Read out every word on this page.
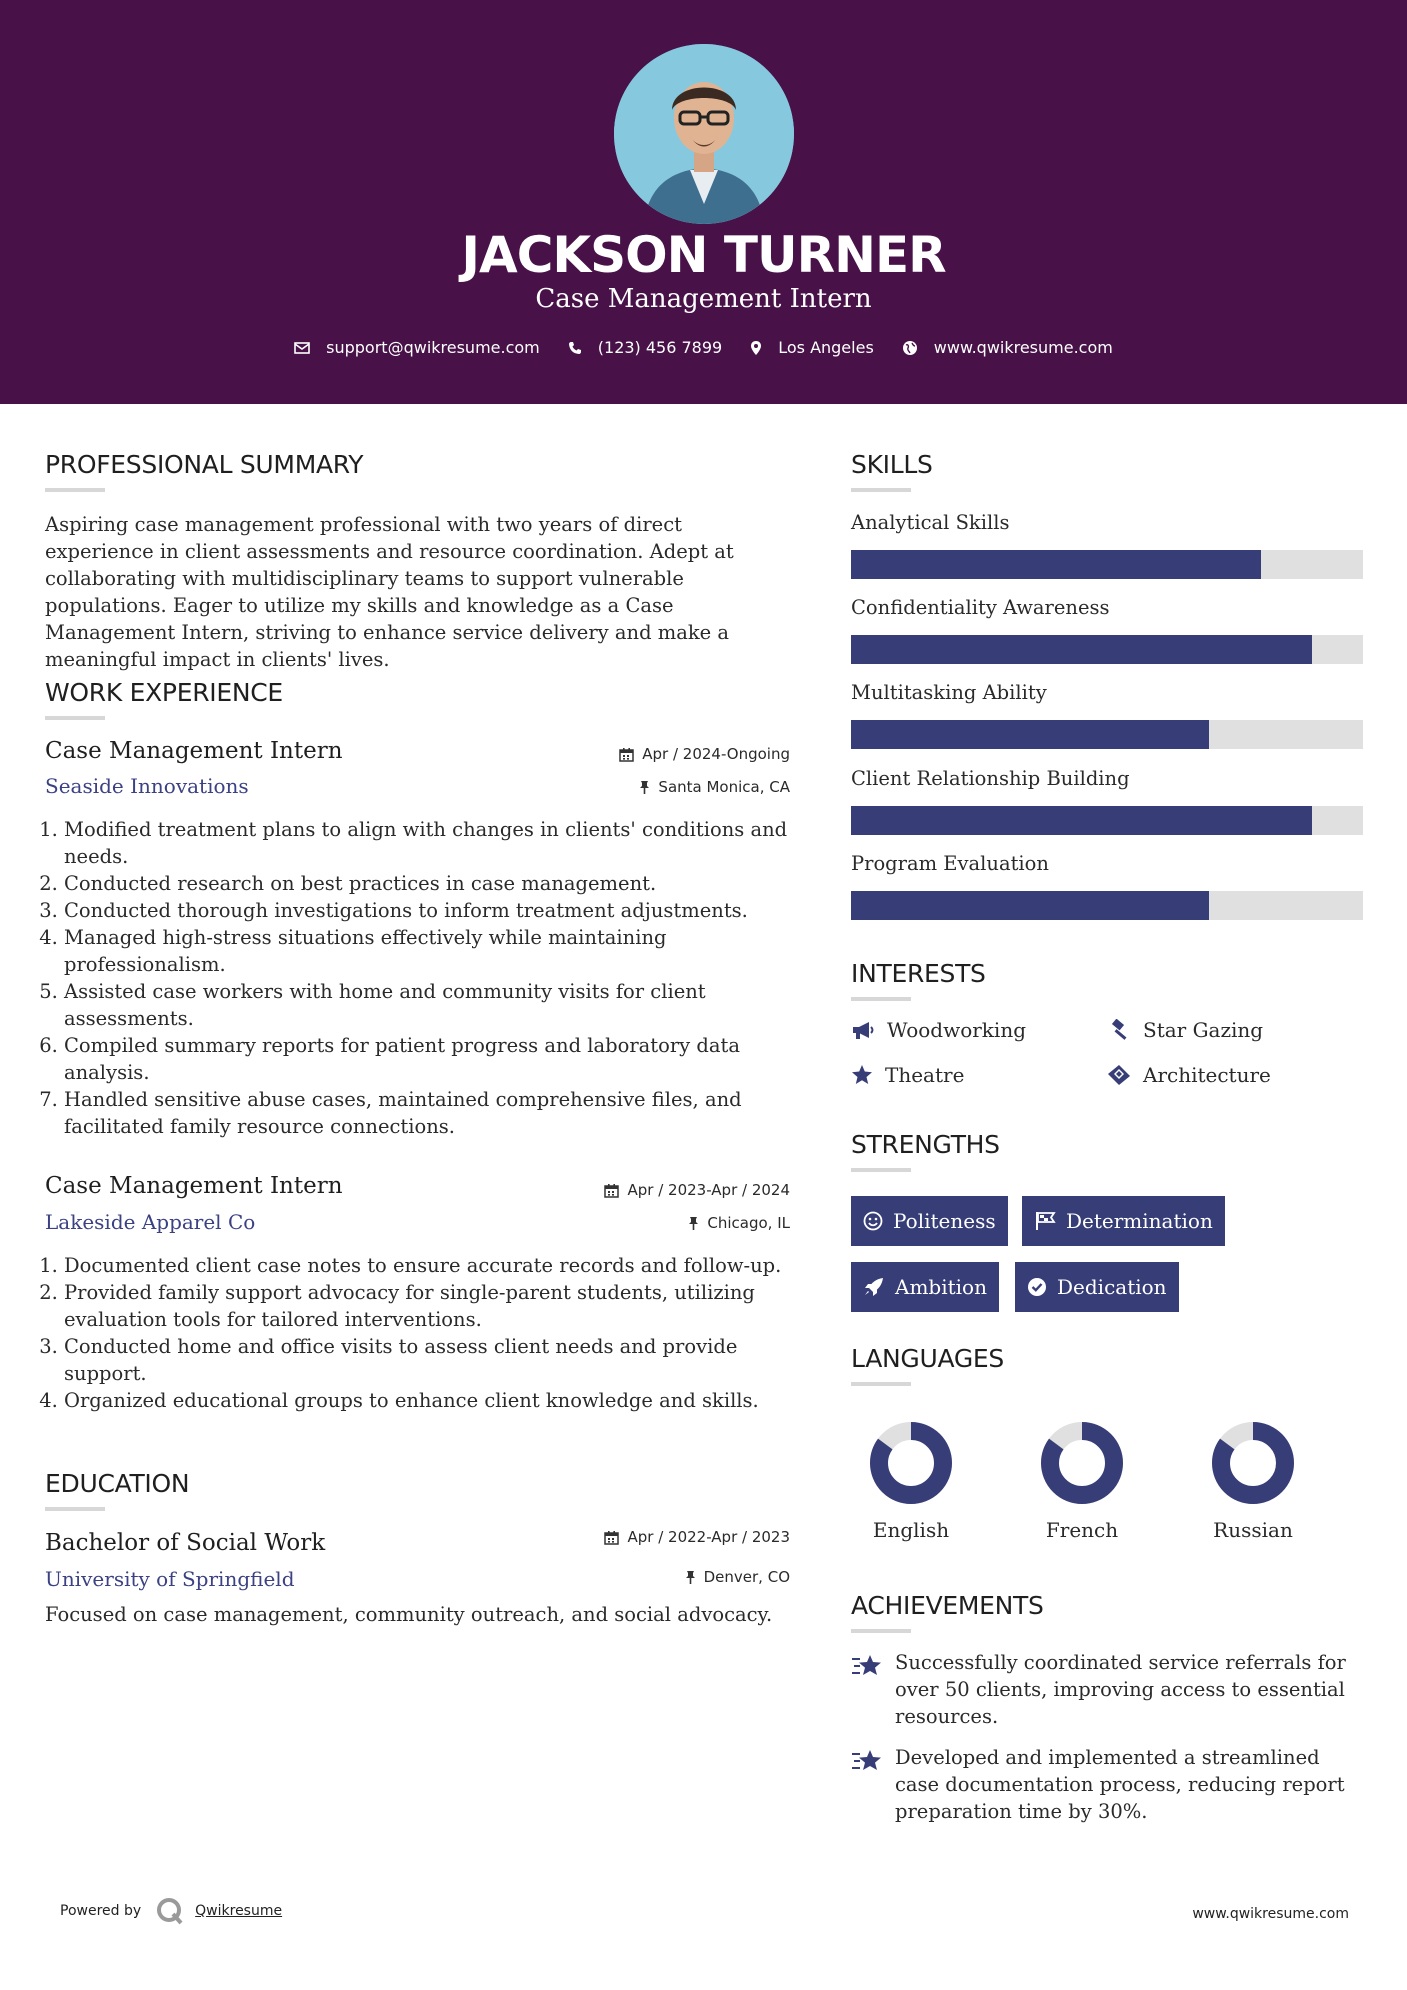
JACKSON TURNER
Case Management Intern
support@qwikresume.com	(123) 456 7899	Los Angeles	www.qwikresume.com
PROFESSIONAL SUMMARY
Aspiring case management professional with two years of direct experience in client assessments and resource coordination. Adept at collaborating with multidisciplinary teams to support vulnerable populations. Eager to utilize my skills and knowledge as a Case Management Intern, striving to enhance service delivery and make a meaningful impact in clients' lives.
WORK EXPERIENCE
Case Management Intern	Apr / 2024-Ongoing
Seaside Innovations	Santa Monica, CA
1. Modified treatment plans to align with changes in clients' conditions and needs.
2. Conducted research on best practices in case management.
3. Conducted thorough investigations to inform treatment adjustments.
4. Managed high-stress situations effectively while maintaining professionalism.
5. Assisted case workers with home and community visits for client assessments.
6. Compiled summary reports for patient progress and laboratory data analysis.
7. Handled sensitive abuse cases, maintained comprehensive files, and facilitated family resource connections.
Case Management Intern	Apr / 2023-Apr / 2024
Lakeside Apparel Co	Chicago, IL
1. Documented client case notes to ensure accurate records and follow-up.
2. Provided family support advocacy for single-parent students, utilizing evaluation tools for tailored interventions.
3. Conducted home and office visits to assess client needs and provide support.
4. Organized educational groups to enhance client knowledge and skills.
EDUCATION
Bachelor of Social Work	Apr / 2022-Apr / 2023
University of Springfield	Denver, CO
Focused on case management, community outreach, and social advocacy.
SKILLS
Analytical Skills
Confidentiality Awareness
Multitasking Ability
Client Relationship Building
Program Evaluation
INTERESTS
Woodworking	Star Gazing
Theatre	Architecture
STRENGTHS
Politeness	Determination
Ambition	Dedication
LANGUAGES
English	French	Russian
ACHIEVEMENTS
Successfully coordinated service referrals for over 50 clients, improving access to essential resources.
Developed and implemented a streamlined case documentation process, reducing report preparation time by 30%.
Powered by	Qwikresume	www.qwikresume.com
